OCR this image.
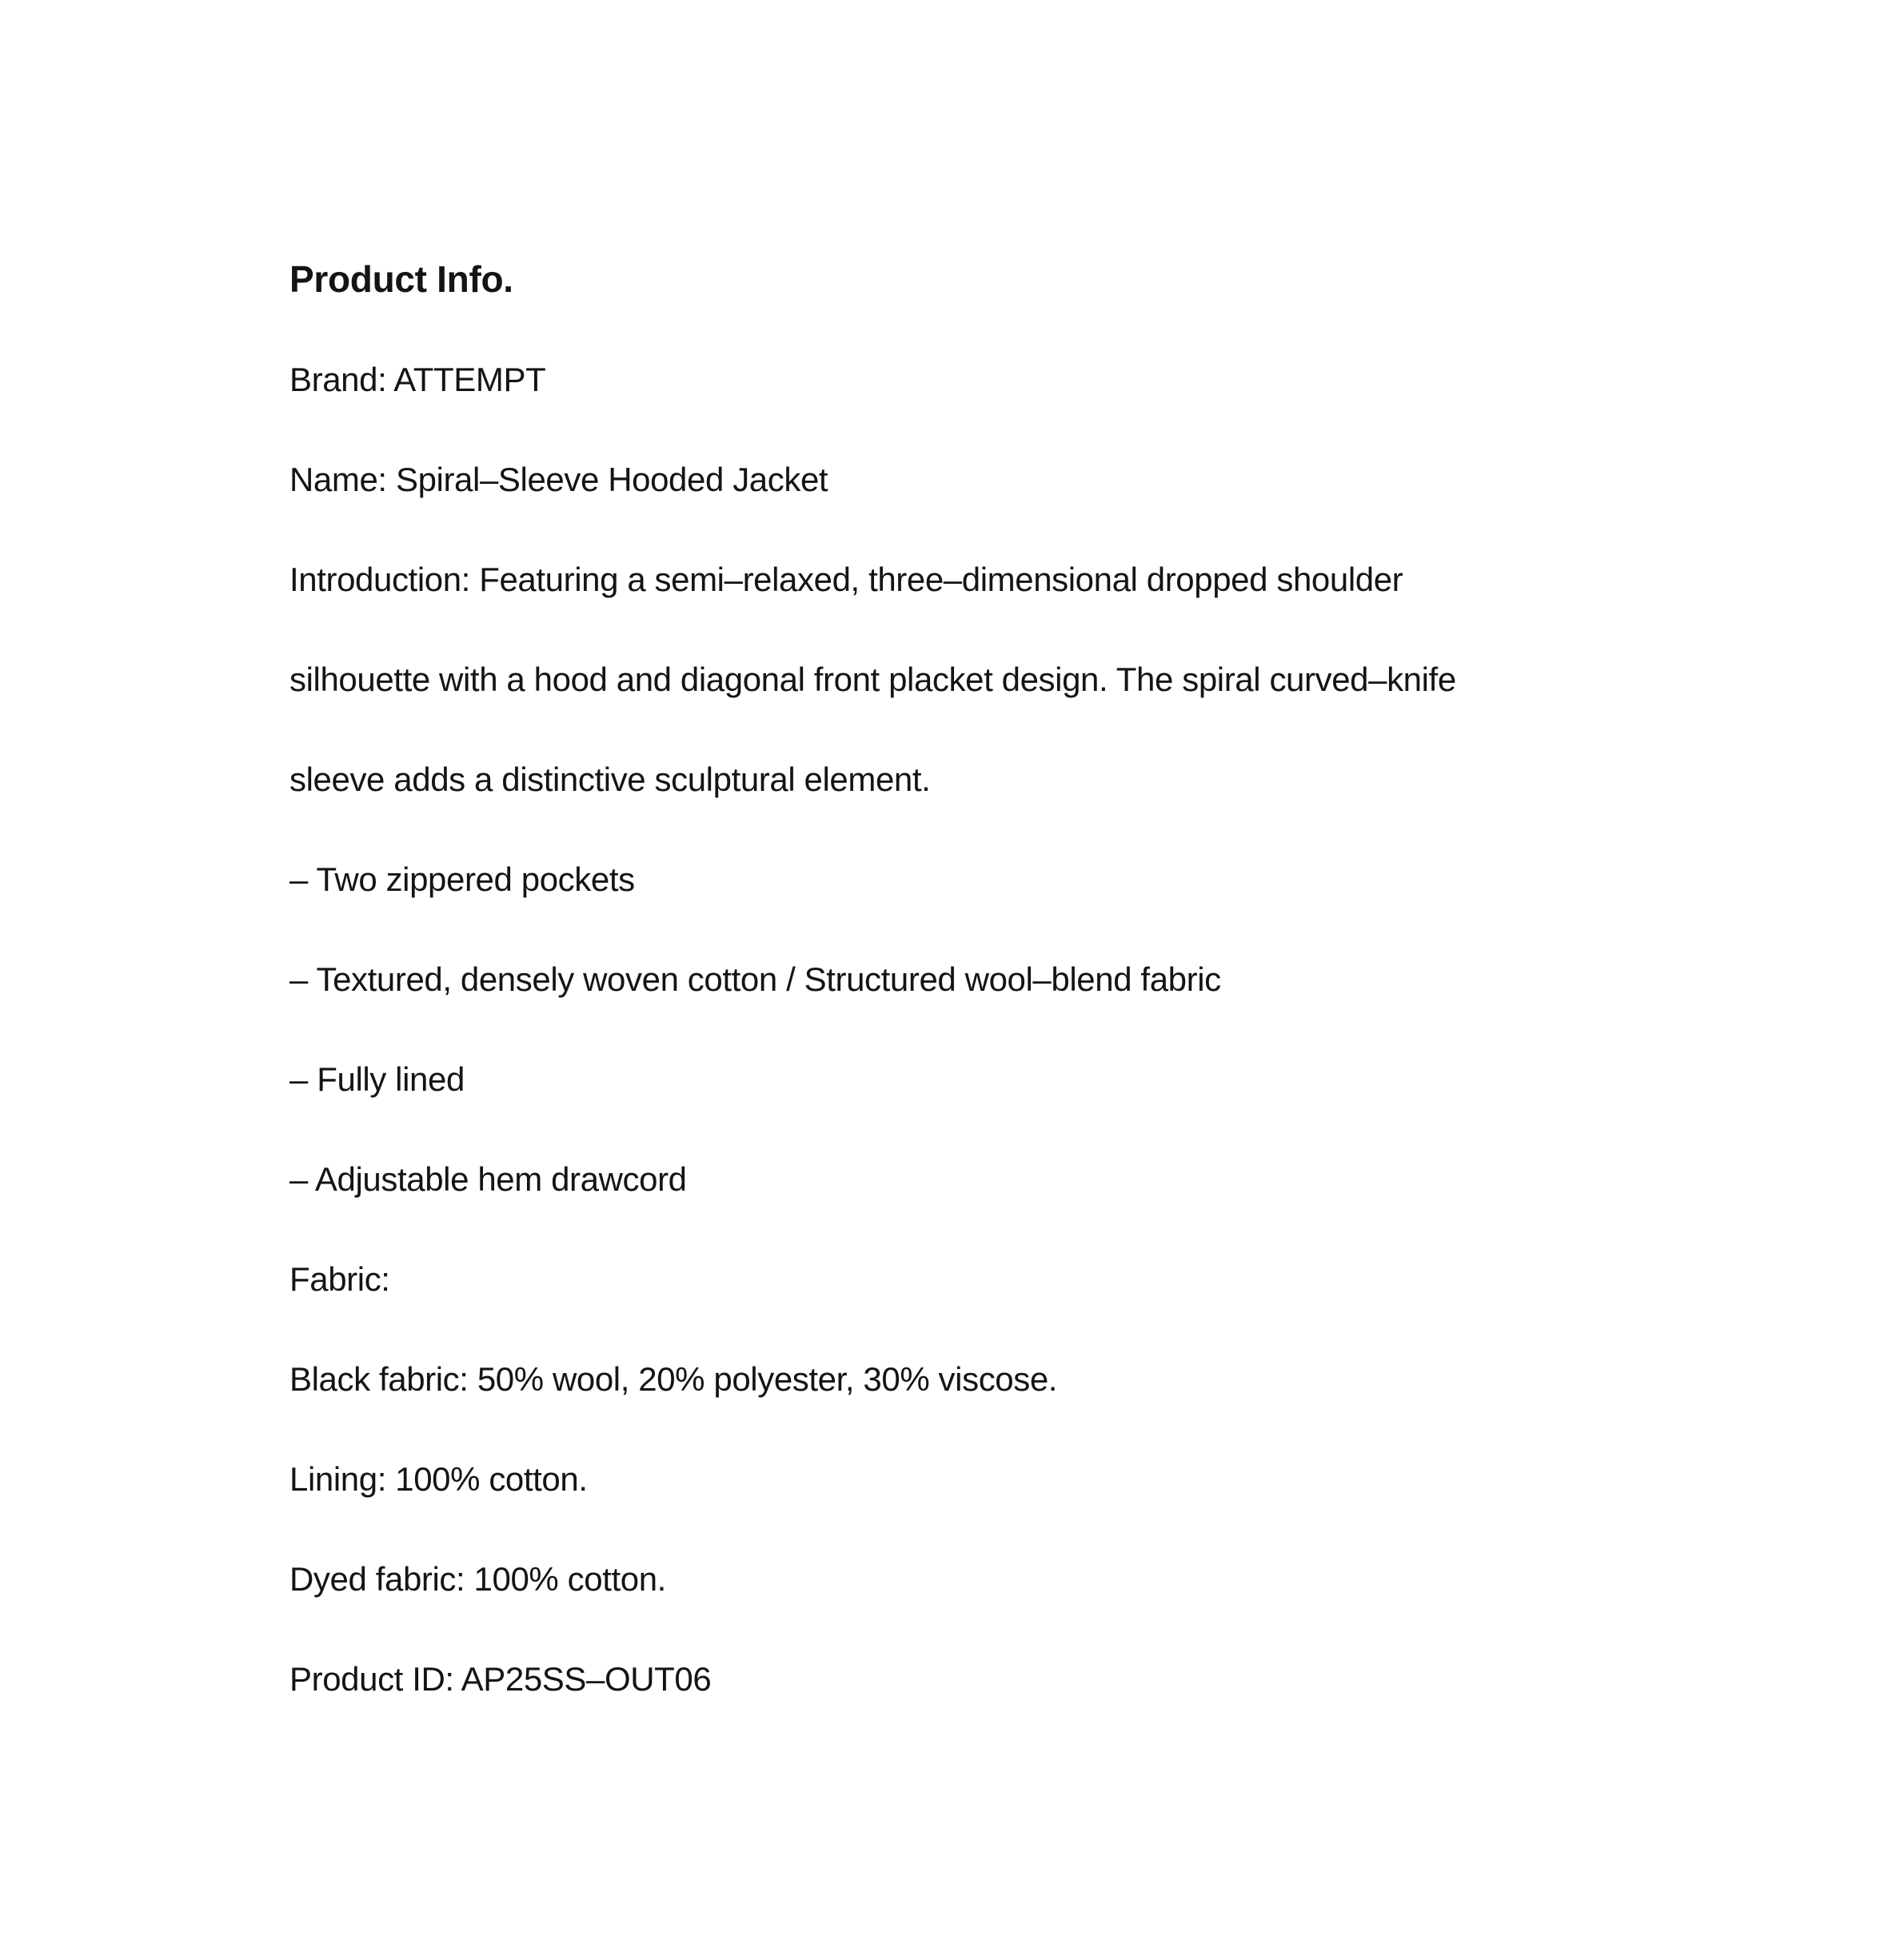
Product Info.

Brand: ATTEMPT

Name: Spiral–Sleeve Hooded Jacket

Introduction: Featuring a semi–relaxed, three–dimensional dropped shoulder

silhouette with a hood and diagonal front placket design. The spiral curved–knife

sleeve adds a distinctive sculptural element.

– Two zippered pockets

– Textured, densely woven cotton / Structured wool–blend fabric

– Fully lined

– Adjustable hem drawcord

Fabric:

Black fabric: 50% wool, 20% polyester, 30% viscose.

Lining: 100% cotton.

Dyed fabric: 100% cotton.

Product ID: AP25SS–OUT06
